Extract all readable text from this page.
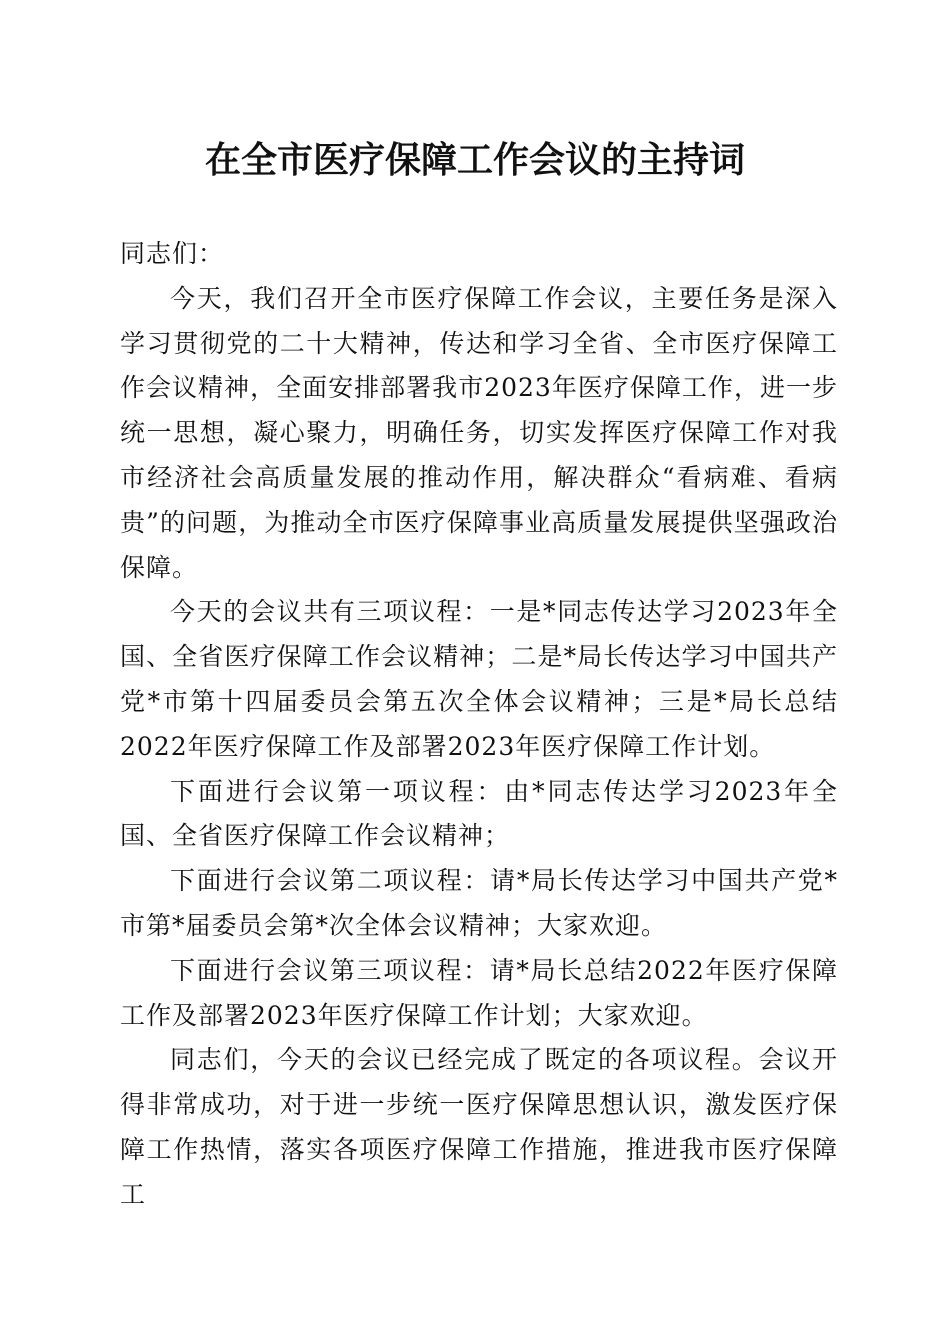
在全市医疗保障工作会议的主持词

同志们：

今天，我们召开全市医疗保障工作会议，主要任务是深入学习贯彻党的二十大精神，传达和学习全省、全市医疗保障工作会议精神，全面安排部署我市2023年医疗保障工作，进一步统一思想，凝心聚力，明确任务，切实发挥医疗保障工作对我市经济社会高质量发展的推动作用，解决群众“看病难、看病贵”的问题，为推动全市医疗保障事业高质量发展提供坚强政治保障。

今天的会议共有三项议程：一是*同志传达学习2023年全国、全省医疗保障工作会议精神；二是*局长传达学习中国共产党*市第十四届委员会第五次全体会议精神；三是*局长总结2022年医疗保障工作及部署2023年医疗保障工作计划。

下面进行会议第一项议程：由*同志传达学习2023年全国、全省医疗保障工作会议精神；

下面进行会议第二项议程：请*局长传达学习中国共产党*市第*届委员会第*次全体会议精神；大家欢迎。

下面进行会议第三项议程：请*局长总结2022年医疗保障工作及部署2023年医疗保障工作计划；大家欢迎。

同志们，今天的会议已经完成了既定的各项议程。会议开得非常成功，对于进一步统一医疗保障思想认识，激发医疗保障工作热情，落实各项医疗保障工作措施，推进我市医疗保障工
